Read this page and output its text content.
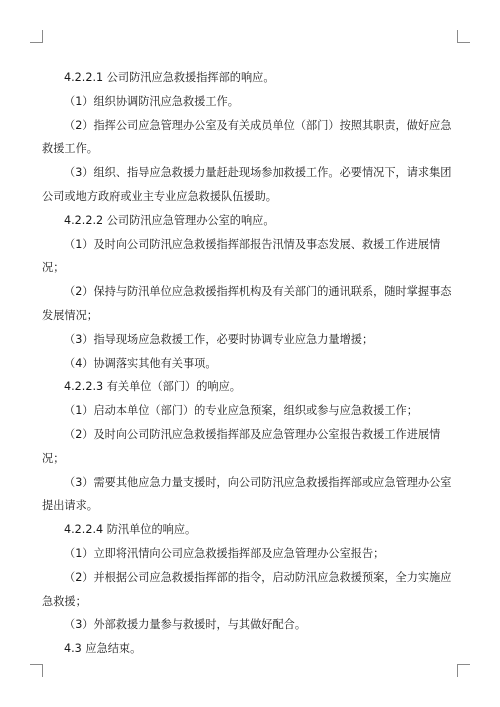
4.2.2.1 公司防汛应急救援指挥部的响应。

（1）组织协调防汛应急救援工作。

（2）指挥公司应急管理办公室及有关成员单位（部门）按照其职责，做好应急救援工作。

（3）组织、指导应急救援力量赶赴现场参加救援工作。必要情况下，请求集团公司或地方政府或业主专业应急救援队伍援助。

4.2.2.2 公司防汛应急管理办公室的响应。

（1）及时向公司防汛应急救援指挥部报告汛情及事态发展、救援工作进展情况；

（2）保持与防汛单位应急救援指挥机构及有关部门的通讯联系，随时掌握事态发展情况；

（3）指导现场应急救援工作，必要时协调专业应急力量增援；

（4）协调落实其他有关事项。

4.2.2.3 有关单位（部门）的响应。

（1）启动本单位（部门）的专业应急预案，组织或参与应急救援工作；

（2）及时向公司防汛应急救援指挥部及应急管理办公室报告救援工作进展情况；

（3）需要其他应急力量支援时，向公司防汛应急救援指挥部或应急管理办公室提出请求。

4.2.2.4 防汛单位的响应。

（1）立即将汛情向公司应急救援指挥部及应急管理办公室报告；

（2）并根据公司应急救援指挥部的指令，启动防汛应急救援预案，全力实施应急救援；

（3）外部救援力量参与救援时，与其做好配合。

4.3 应急结束。
